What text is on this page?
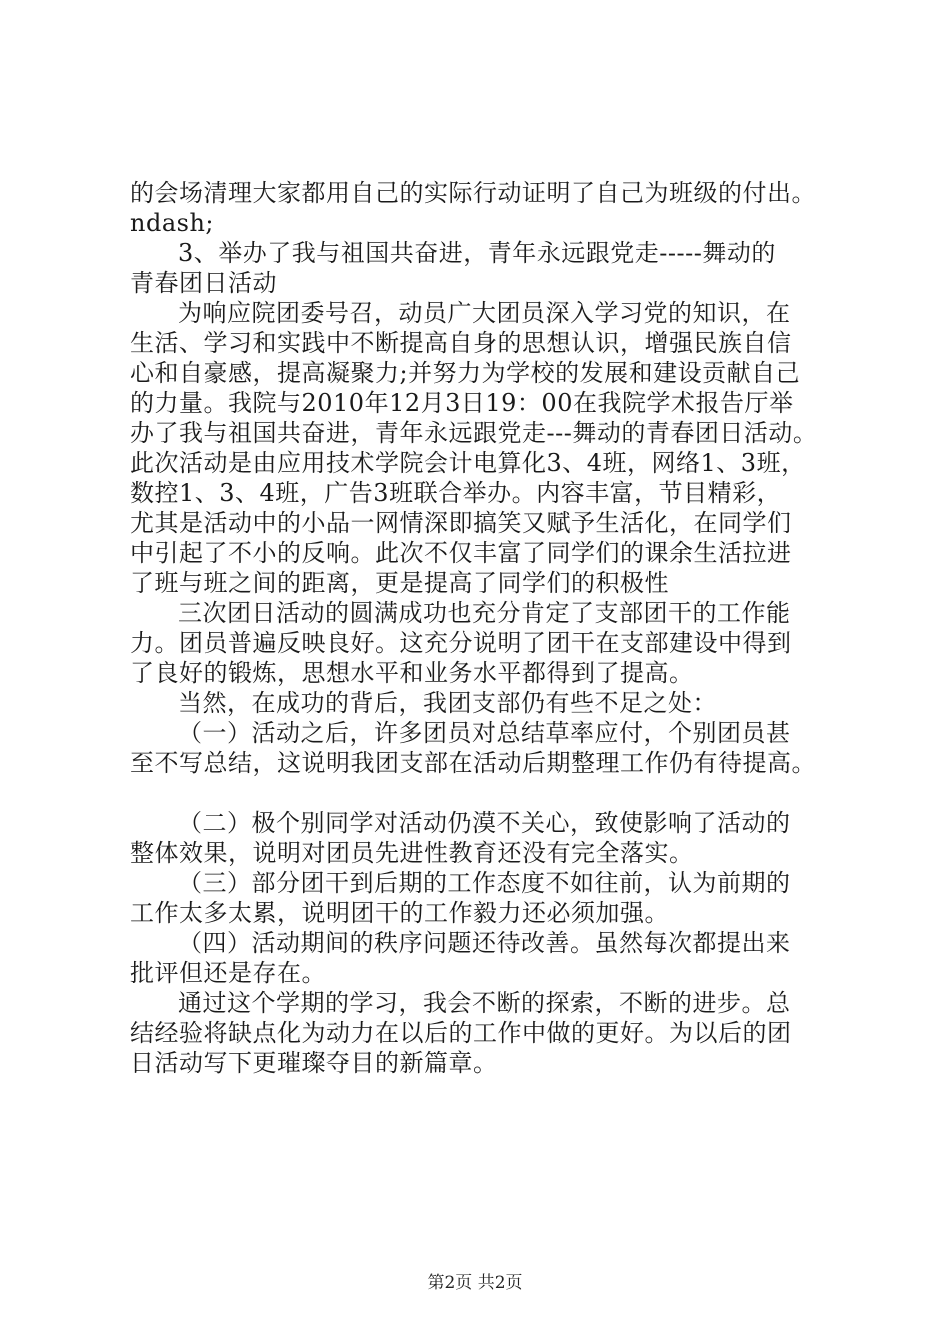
的会场清理大家都用自己的实际行动证明了自己为班级的付出。
ndash;
3、举办了我与祖国共奋进，青年永远跟党走-----舞动的
青春团日活动
为响应院团委号召，动员广大团员深入学习党的知识，在
生活、学习和实践中不断提高自身的思想认识，增强民族自信
心和自豪感，提高凝聚力;并努力为学校的发展和建设贡献自己
的力量。我院与2010年12月3日19：00在我院学术报告厅举
办了我与祖国共奋进，青年永远跟党走---舞动的青春团日活动。
此次活动是由应用技术学院会计电算化3、4班，网络1、3班，
数控1、3、4班，广告3班联合举办。内容丰富，节目精彩，
尤其是活动中的小品一网情深即搞笑又赋予生活化，在同学们
中引起了不小的反响。此次不仅丰富了同学们的课余生活拉进
了班与班之间的距离，更是提高了同学们的积极性
三次团日活动的圆满成功也充分肯定了支部团干的工作能
力。团员普遍反映良好。这充分说明了团干在支部建设中得到
了良好的锻炼，思想水平和业务水平都得到了提高。
当然，在成功的背后，我团支部仍有些不足之处：
（一）活动之后，许多团员对总结草率应付，个别团员甚
至不写总结，这说明我团支部在活动后期整理工作仍有待提高。
（二）极个别同学对活动仍漠不关心，致使影响了活动的
整体效果，说明对团员先进性教育还没有完全落实。
（三）部分团干到后期的工作态度不如往前，认为前期的
工作太多太累，说明团干的工作毅力还必须加强。
（四）活动期间的秩序问题还待改善。虽然每次都提出来
批评但还是存在。
通过这个学期的学习，我会不断的探索，不断的进步。总
结经验将缺点化为动力在以后的工作中做的更好。为以后的团
日活动写下更璀璨夺目的新篇章。
第2页 共2页
